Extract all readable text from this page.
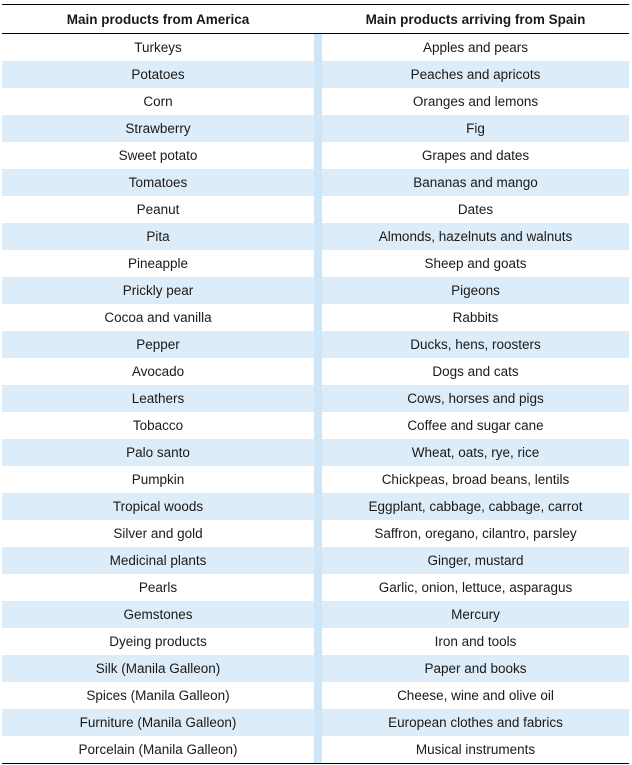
Main products from America		Main products arriving from Spain
Turkeys		Apples and pears
Potatoes		Peaches and apricots
Corn		Oranges and lemons
Strawberry		Fig
Sweet potato		Grapes and dates
Tomatoes		Bananas and mango
Peanut		Dates
Pita		Almonds, hazelnuts and walnuts
Pineapple		Sheep and goats
Prickly pear		Pigeons
Cocoa and vanilla		Rabbits
Pepper		Ducks, hens, roosters
Avocado		Dogs and cats
Leathers		Cows, horses and pigs
Tobacco		Coffee and sugar cane
Palo santo		Wheat, oats, rye, rice
Pumpkin		Chickpeas, broad beans, lentils
Tropical woods		Eggplant, cabbage, cabbage, carrot
Silver and gold		Saffron, oregano, cilantro, parsley
Medicinal plants		Ginger, mustard
Pearls		Garlic, onion, lettuce, asparagus
Gemstones		Mercury
Dyeing products		Iron and tools
Silk (Manila Galleon)		Paper and books
Spices (Manila Galleon)		Cheese, wine and olive oil
Furniture (Manila Galleon)		European clothes and fabrics
Porcelain (Manila Galleon)		Musical instruments
